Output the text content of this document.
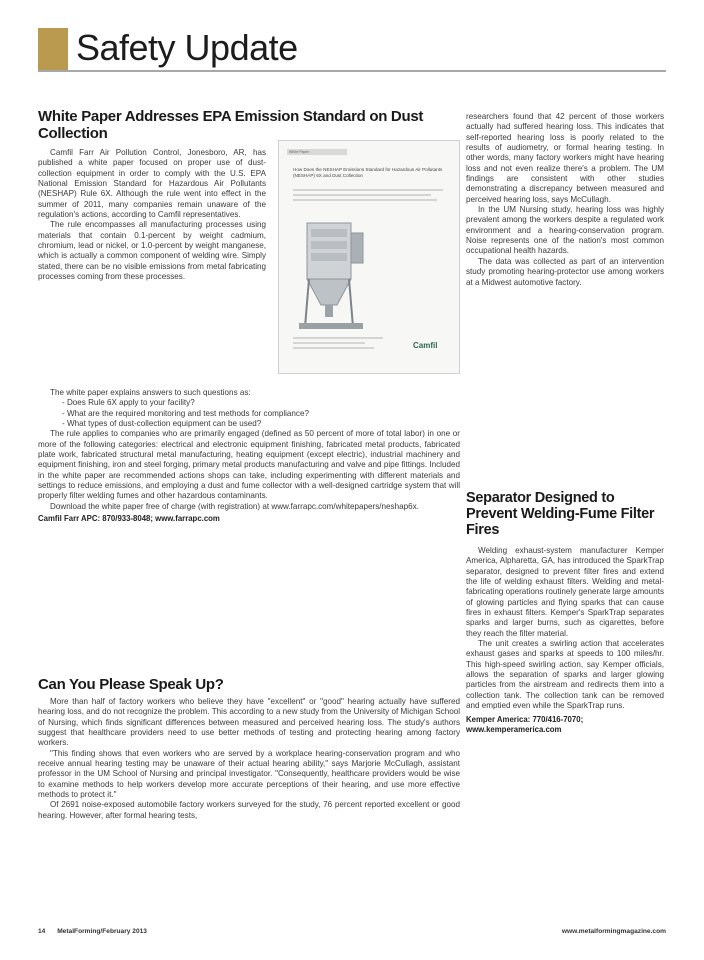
Safety Update
White Paper Addresses EPA Emission Standard on Dust Collection

Camfil Farr Air Pollution Control, Jonesboro, AR, has published a white paper focused on proper use of dust-collection equipment in order to comply with the U.S. EPA National Emission Standard for Hazardous Air Pollutants (NESHAP) Rule 6X. Although the rule went into effect in the summer of 2011, many companies remain unaware of the regulation's actions, according to Camfil representatives.

The rule encompasses all manufacturing processes using materials that contain 0.1-percent by weight cadmium, chromium, lead or nickel, or 1.0-percent by weight manganese, which is actually a common component of welding wire. Simply stated, there can be no visible emissions from metal fabricating processes coming from these processes.

White Paper
How Does the NESHAP Emissions Standard for Hazardous Air Pollutants (NESHAP) 6X and Dust Collection
Camfil

The white paper explains answers to such questions as:

- Does Rule 6X apply to your facility?

- What are the required monitoring and test methods for compliance?

- What types of dust-collection equipment can be used?

The rule applies to companies who are primarily engaged (defined as 50 percent of more of total labor) in one or more of the following categories: electrical and electronic equipment finishing, fabricated metal products, fabricated plate work, fabricated structural metal manufacturing, heating equipment (except electric), industrial machinery and equipment finishing, iron and steel forging, primary metal products manufacturing and valve and pipe fittings. Included in the white paper are recommended actions shops can take, including experimenting with different materials and settings to reduce emissions, and employing a dust and fume collector with a well-designed cartridge system that will properly filter welding fumes and other hazardous contaminants.

Download the white paper free of charge (with registration) at www.farrapc.com/whitepapers/neshap6x.

Camfil Farr APC: 870/933-8048; www.farrapc.com

Can You Please Speak Up?

More than half of factory workers who believe they have "excellent" or "good" hearing actually have suffered hearing loss, and do not recognize the problem. This according to a new study from the University of Michigan School of Nursing, which finds significant differences between measured and perceived hearing loss. The study's authors suggest that healthcare providers need to use better methods of testing and protecting hearing among factory workers.

"This finding shows that even workers who are served by a workplace hearing-conservation program and who receive annual hearing testing may be unaware of their actual hearing ability," says Marjorie McCullagh, assistant professor in the UM School of Nursing and principal investigator. "Consequently, healthcare providers would be wise to examine methods to help workers develop more accurate perceptions of their hearing, and use more effective methods to protect it."

Of 2691 noise-exposed automobile factory workers surveyed for the study, 76 percent reported excellent or good hearing. However, after formal hearing tests,

researchers found that 42 percent of those workers actually had suffered hearing loss. This indicates that self-reported hearing loss is poorly related to the results of audiometry, or formal hearing testing. In other words, many factory workers might have hearing loss and not even realize there's a problem. The UM findings are consistent with other studies demonstrating a discrepancy between measured and perceived hearing loss, says McCullagh.

In the UM Nursing study, hearing loss was highly prevalent among the workers despite a regulated work environment and a hearing-conservation program. Noise represents one of the nation's most common occupational health hazards.

The data was collected as part of an intervention study promoting hearing-protector use among workers at a Midwest automotive factory.

Separator Designed to Prevent Welding-Fume Filter Fires

Welding exhaust-system manufacturer Kemper America, Alpharetta, GA, has introduced the SparkTrap separator, designed to prevent filter fires and extend the life of welding exhaust filters. Welding and metal-fabricating operations routinely generate large amounts of glowing particles and flying sparks that can cause fires in exhaust filters. Kemper's SparkTrap separates sparks and larger burns, such as cigarettes, before they reach the filter material.

The unit creates a swirling action that accelerates exhaust gases and sparks at speeds to 100 miles/hr. This high-speed swirling action, say Kemper officials, allows the separation of sparks and larger glowing particles from the airstream and redirects them into a collection tank. The collection tank can be removed and emptied even while the SparkTrap runs.

Kemper America: 770/416-7070;

www.kemperamerica.com

14 MetalForming/February 2013	www.metalformingmagazine.com
